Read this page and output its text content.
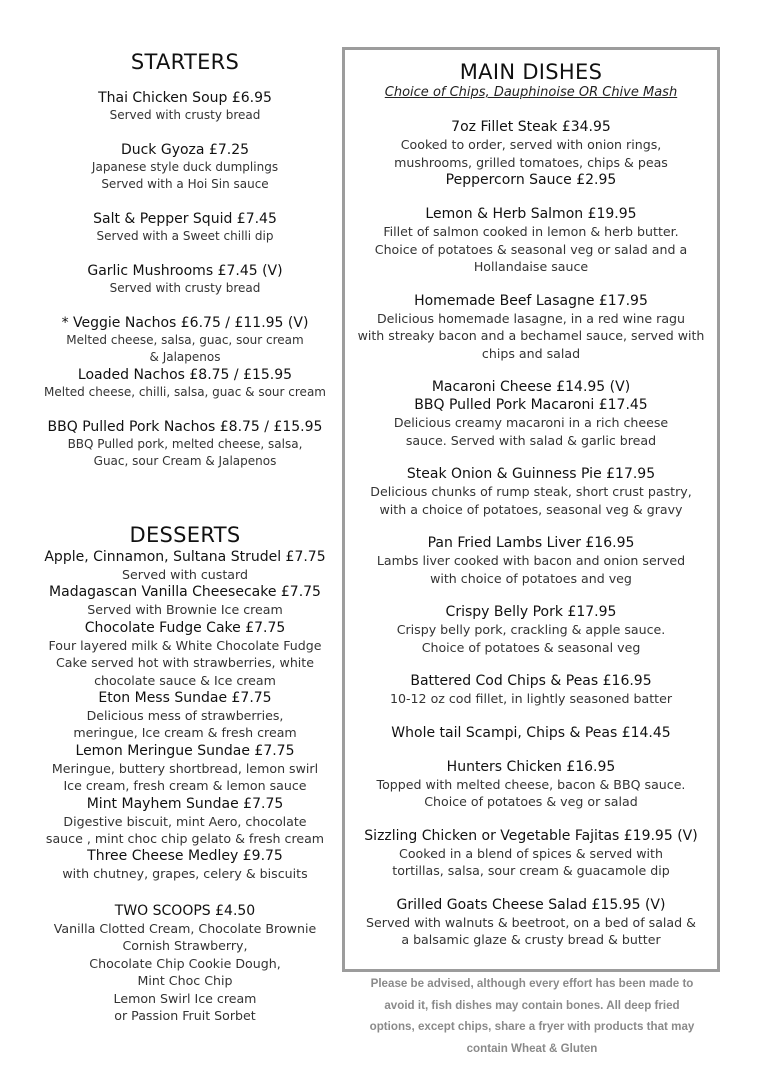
STARTERS
Thai Chicken Soup £6.95
Served with crusty bread
Duck Gyoza £7.25
Japanese style duck dumplings
Served with a Hoi Sin sauce
Salt & Pepper Squid £7.45
Served with a Sweet chilli dip
Garlic Mushrooms £7.45 (V)
Served with crusty bread
* Veggie Nachos £6.75 / £11.95 (V)
Melted cheese, salsa, guac, sour cream
& Jalapenos
Loaded Nachos £8.75 / £15.95
Melted cheese, chilli, salsa, guac & sour cream
BBQ Pulled Pork Nachos £8.75 / £15.95
BBQ Pulled pork, melted cheese, salsa,
Guac, sour Cream & Jalapenos
DESSERTS
Apple, Cinnamon, Sultana Strudel £7.75
Served with custard
Madagascan Vanilla Cheesecake £7.75
Served with Brownie Ice cream
Chocolate Fudge Cake £7.75
Four layered milk & White Chocolate Fudge
Cake served hot with strawberries, white
chocolate sauce & Ice cream
Eton Mess Sundae £7.75
Delicious mess of strawberries,
meringue, Ice cream & fresh cream
Lemon Meringue Sundae £7.75
Meringue, buttery shortbread, lemon swirl
Ice cream, fresh cream & lemon sauce
Mint Mayhem Sundae £7.75
Digestive biscuit, mint Aero, chocolate
sauce , mint choc chip gelato & fresh cream
Three Cheese Medley £9.75
with chutney, grapes, celery & biscuits
TWO SCOOPS £4.50
Vanilla Clotted Cream, Chocolate Brownie
Cornish Strawberry,
Chocolate Chip Cookie Dough,
Mint Choc Chip
Lemon Swirl Ice cream
or Passion Fruit Sorbet
MAIN DISHES

Choice of Chips, Dauphinoise OR Chive Mash

7oz Fillet Steak £34.95
Cooked to order, served with onion rings,
mushrooms, grilled tomatoes, chips & peas
Peppercorn Sauce £2.95
Lemon & Herb Salmon £19.95
Fillet of salmon cooked in lemon & herb butter.
Choice of potatoes & seasonal veg or salad and a
Hollandaise sauce
Homemade Beef Lasagne £17.95
Delicious homemade lasagne, in a red wine ragu
with streaky bacon and a bechamel sauce, served with
chips and salad
Macaroni Cheese £14.95 (V)
BBQ Pulled Pork Macaroni £17.45
Delicious creamy macaroni in a rich cheese
sauce. Served with salad & garlic bread
Steak Onion & Guinness Pie £17.95
Delicious chunks of rump steak, short crust pastry,
with a choice of potatoes, seasonal veg & gravy
Pan Fried Lambs Liver £16.95
Lambs liver cooked with bacon and onion served
with choice of potatoes and veg
Crispy Belly Pork £17.95
Crispy belly pork, crackling & apple sauce.
Choice of potatoes & seasonal veg
Battered Cod Chips & Peas £16.95
10-12 oz cod fillet, in lightly seasoned batter
Whole tail Scampi, Chips & Peas £14.45
Hunters Chicken £16.95
Topped with melted cheese, bacon & BBQ sauce.
Choice of potatoes & veg or salad
Sizzling Chicken or Vegetable Fajitas £19.95 (V)
Cooked in a blend of spices & served with
tortillas, salsa, sour cream & guacamole dip
Grilled Goats Cheese Salad £15.95 (V)
Served with walnuts & beetroot, on a bed of salad &
a balsamic glaze & crusty bread & butter
Please be advised, although every effort has been made to
avoid it, fish dishes may contain bones. All deep fried
options, except chips, share a fryer with products that may
contain Wheat & Gluten
